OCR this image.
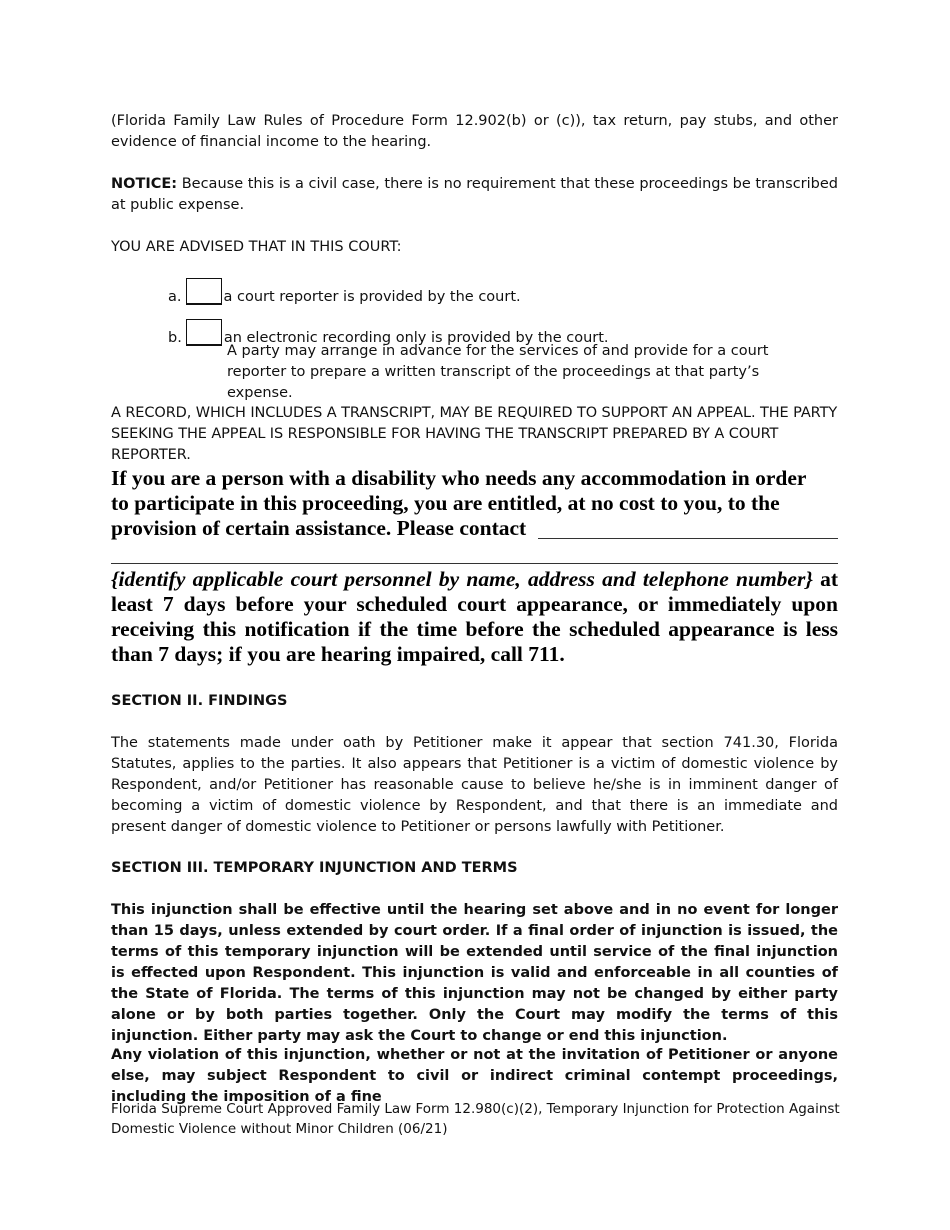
(Florida Family Law Rules of Procedure Form 12.902(b) or (c)), tax return, pay stubs, and other evidence of financial income to the hearing.

NOTICE: Because this is a civil case, there is no requirement that these proceedings be transcribed at public expense.

YOU ARE ADVISED THAT IN THIS COURT:

a.	a court reporter is provided by the court.
b.	an electronic recording only is provided by the court.

A party may arrange in advance for the services of and provide for a court reporter to prepare a written transcript of the proceedings at that party’s expense.

A RECORD, WHICH INCLUDES A TRANSCRIPT, MAY BE REQUIRED TO SUPPORT AN APPEAL. THE PARTY SEEKING THE APPEAL IS RESPONSIBLE FOR HAVING THE TRANSCRIPT PREPARED BY A COURT REPORTER.

If you are a person with a disability who needs any accommodation in order to participate in this proceeding, you are entitled, at no cost to you, to the provision of certain assistance. Please contact

{identify applicable court personnel by name, address and telephone number} at least 7 days before your scheduled court appearance, or immediately upon receiving this notification if the time before the scheduled appearance is less than 7 days; if you are hearing impaired, call 711.

SECTION II. FINDINGS

The statements made under oath by Petitioner make it appear that section 741.30, Florida Statutes, applies to the parties. It also appears that Petitioner is a victim of domestic violence by Respondent, and/or Petitioner has reasonable cause to believe he/she is in imminent danger of becoming a victim of domestic violence by Respondent, and that there is an immediate and present danger of domestic violence to Petitioner or persons lawfully with Petitioner.

SECTION III. TEMPORARY INJUNCTION AND TERMS

This injunction shall be effective until the hearing set above and in no event for longer than 15 days, unless extended by court order. If a final order of injunction is issued, the terms of this temporary injunction will be extended until service of the final injunction is effected upon Respondent. This injunction is valid and enforceable in all counties of the State of Florida. The terms of this injunction may not be changed by either party alone or by both parties together. Only the Court may modify the terms of this injunction. Either party may ask the Court to change or end this injunction.

Any violation of this injunction, whether or not at the invitation of Petitioner or anyone else, may subject Respondent to civil or indirect criminal contempt proceedings, including the imposition of a fine

Florida Supreme Court Approved Family Law Form 12.980(c)(2), Temporary Injunction for Protection Against
Domestic Violence without Minor Children (06/21)
